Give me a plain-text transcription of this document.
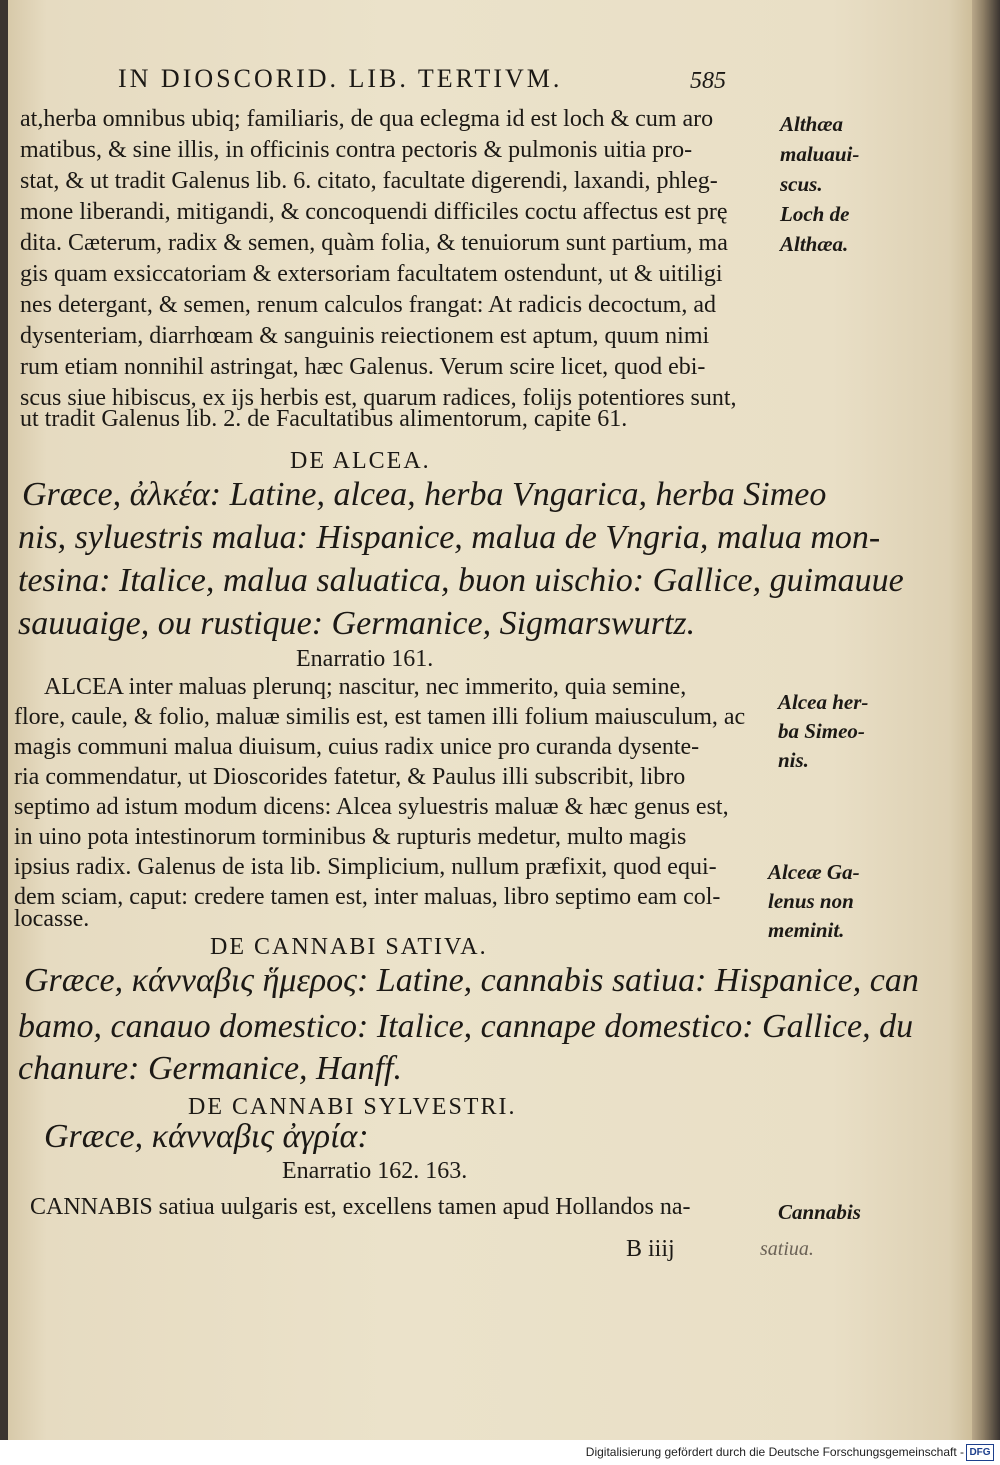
IN DIOSCORID. LIB. TERTIVM.	585
at,herba omnibus ubiq; familiaris, de qua eclegma id est loch & cum aro
matibus, & sine illis, in officinis contra pectoris & pulmonis uitia pro-
stat, & ut tradit Galenus lib. 6. citato, facultate digerendi, laxandi, phleg-
mone liberandi, mitigandi, & concoquendi difficiles coctu affectus est prę
dita. Cæterum, radix & semen, quàm folia, & tenuiorum sunt partium, ma
gis quam exsiccatoriam & extersoriam facultatem ostendunt, ut & uitiligi
nes detergant, & semen, renum calculos frangat: At radicis decoctum, ad
dysenteriam, diarrhœam & sanguinis reiectionem est aptum, quum nimi
rum etiam nonnihil astringat, hæc Galenus. Verum scire licet, quod ebi-
scus siue hibiscus, ex ijs herbis est, quarum radices, folijs potentiores sunt,
ut tradit Galenus lib. 2. de Facultatibus alimentorum, capite 61.
Althæa
maluaui-
scus.
Loch de
Althæa.
DE ALCEA.
Græce, ἀλκέα: Latine, alcea, herba Vngarica, herba Simeo
nis, syluestris malua: Hispanice, malua de Vngria, malua mon-
tesina: Italice, malua saluatica, buon uischio: Gallice, guimauue
sauuaige, ou rustique: Germanice, Sigmarswurtz.
Enarratio 161.
ALCEA inter maluas plerunq; nascitur, nec immerito, quia semine,
flore, caule, & folio, maluæ similis est, est tamen illi folium maiusculum, ac
magis communi malua diuisum, cuius radix unice pro curanda dysente-
ria commendatur, ut Dioscorides fatetur, & Paulus illi subscribit, libro
septimo ad istum modum dicens: Alcea syluestris maluæ & hæc genus est,
in uino pota intestinorum torminibus & rupturis medetur, multo magis
ipsius radix. Galenus de ista lib. Simplicium, nullum præfixit, quod equi-
dem sciam, caput: credere tamen est, inter maluas, libro septimo eam col-
locasse.
Alcea her-
ba Simeo-
nis.
Alceæ Ga-
lenus non
meminit.
DE CANNABI SATIVA.
Græce, κάνναβις ἥμερος: Latine, cannabis satiua: Hispanice, can
bamo, canauo domestico: Italice, cannape domestico: Gallice, du
chanure: Germanice, Hanff.
DE CANNABI SYLVESTRI.
Græce, κάνναβις ἀγρία:
Enarratio 162. 163.
CANNABIS satiua uulgaris est, excellens tamen apud Hollandos na-	Cannabis
B iiij	satiua.
Digitalisierung gefördert durch die Deutsche Forschungsgemeinschaft - DFG
